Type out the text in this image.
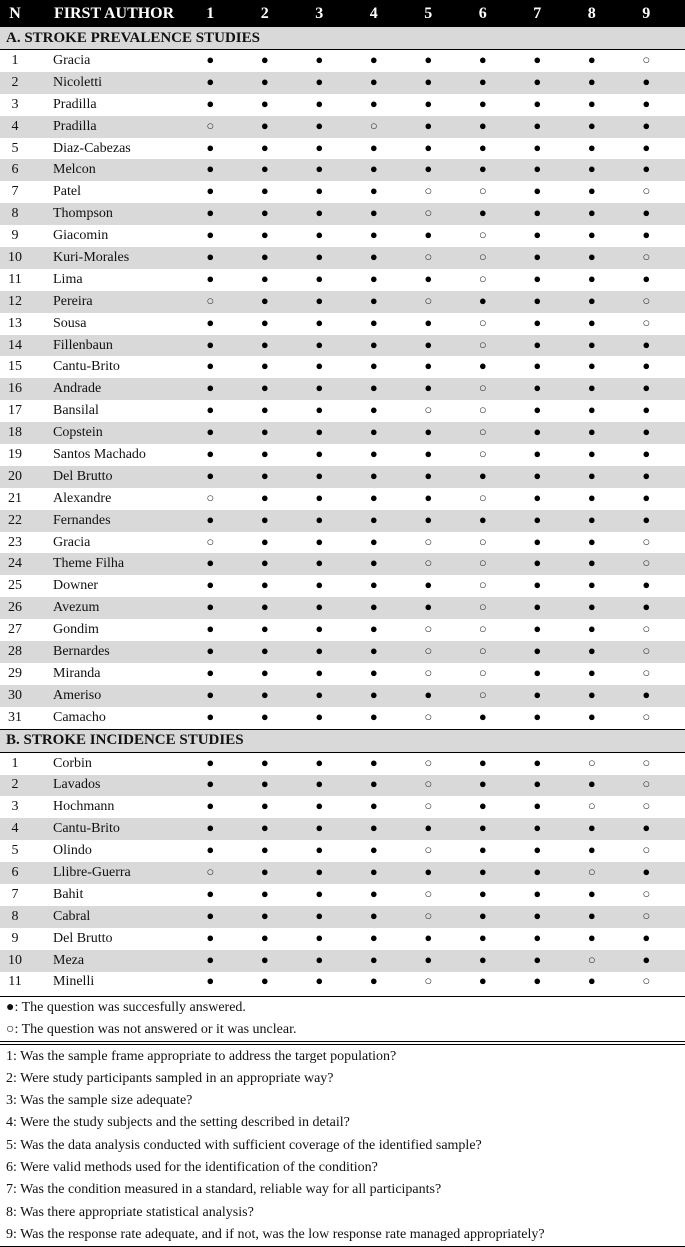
N	FIRST AUTHOR	1	2	3	4	5	6	7	8	9
A. STROKE PREVALENCE STUDIES
1	Gracia	●	●	●	●	●	●	●	●	○
2	Nicoletti	●	●	●	●	●	●	●	●	●
3	Pradilla	●	●	●	●	●	●	●	●	●
4	Pradilla	○	●	●	○	●	●	●	●	●
5	Diaz-Cabezas	●	●	●	●	●	●	●	●	●
6	Melcon	●	●	●	●	●	●	●	●	●
7	Patel	●	●	●	●	○	○	●	●	○
8	Thompson	●	●	●	●	○	●	●	●	●
9	Giacomin	●	●	●	●	●	○	●	●	●
10	Kuri-Morales	●	●	●	●	○	○	●	●	○
11	Lima	●	●	●	●	●	○	●	●	●
12	Pereira	○	●	●	●	○	●	●	●	○
13	Sousa	●	●	●	●	●	○	●	●	○
14	Fillenbaun	●	●	●	●	●	○	●	●	●
15	Cantu-Brito	●	●	●	●	●	●	●	●	●
16	Andrade	●	●	●	●	●	○	●	●	●
17	Bansilal	●	●	●	●	○	○	●	●	●
18	Copstein	●	●	●	●	●	○	●	●	●
19	Santos Machado	●	●	●	●	●	○	●	●	●
20	Del Brutto	●	●	●	●	●	●	●	●	●
21	Alexandre	○	●	●	●	●	○	●	●	●
22	Fernandes	●	●	●	●	●	●	●	●	●
23	Gracia	○	●	●	●	○	○	●	●	○
24	Theme Filha	●	●	●	●	○	○	●	●	○
25	Downer	●	●	●	●	●	○	●	●	●
26	Avezum	●	●	●	●	●	○	●	●	●
27	Gondim	●	●	●	●	○	○	●	●	○
28	Bernardes	●	●	●	●	○	○	●	●	○
29	Miranda	●	●	●	●	○	○	●	●	○
30	Ameriso	●	●	●	●	●	○	●	●	●
31	Camacho	●	●	●	●	○	●	●	●	○
B. STROKE INCIDENCE STUDIES
1	Corbin	●	●	●	●	○	●	●	○	○
2	Lavados	●	●	●	●	○	●	●	●	○
3	Hochmann	●	●	●	●	○	●	●	○	○
4	Cantu-Brito	●	●	●	●	●	●	●	●	●
5	Olindo	●	●	●	●	○	●	●	●	○
6	Llibre-Guerra	○	●	●	●	●	●	●	○	●
7	Bahit	●	●	●	●	○	●	●	●	○
8	Cabral	●	●	●	●	○	●	●	●	○
9	Del Brutto	●	●	●	●	●	●	●	●	●
10	Meza	●	●	●	●	●	●	●	○	●
11	Minelli	●	●	●	●	○	●	●	●	○
●: The question was succesfully answered.
○: The question was not answered or it was unclear.
1: Was the sample frame appropriate to address the target population?
2: Were study participants sampled in an appropriate way?
3: Was the sample size adequate?
4: Were the study subjects and the setting described in detail?
5: Was the data analysis conducted with sufficient coverage of the identified sample?
6: Were valid methods used for the identification of the condition?
7: Was the condition measured in a standard, reliable way for all participants?
8: Was there appropriate statistical analysis?
9: Was the response rate adequate, and if not, was the low response rate managed appropriately?
